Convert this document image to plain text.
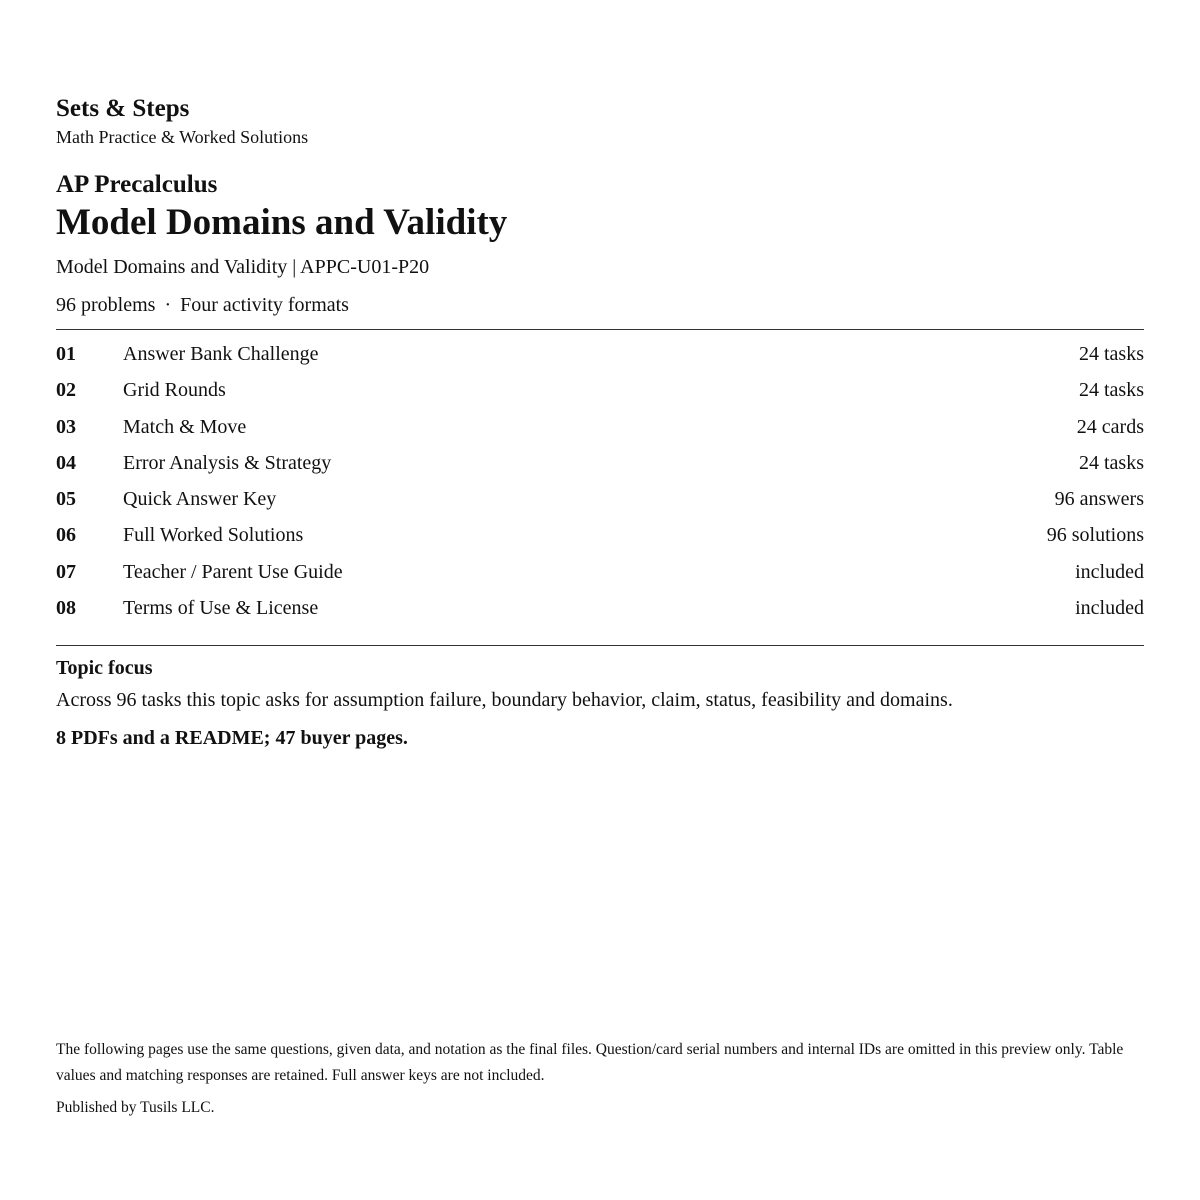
Sets & Steps
Math Practice & Worked Solutions
AP Precalculus
Model Domains and Validity
Model Domains and Validity | APPC-U01-P20
96 problems · Four activity formats
01 Answer Bank Challenge	24 tasks
02 Grid Rounds	24 tasks
03 Match & Move	24 cards
04 Error Analysis & Strategy	24 tasks
05 Quick Answer Key	96 answers
06 Full Worked Solutions	96 solutions
07 Teacher / Parent Use Guide	included
08 Terms of Use & License	included
Topic focus
Across 96 tasks this topic asks for assumption failure, boundary behavior, claim, status, feasibility and domains.
8 PDFs and a README; 47 buyer pages.

The following pages use the same questions, given data, and notation as the final files. Question/card serial numbers and internal IDs are omitted in this preview only. Table values and matching responses are retained. Full answer keys are not included.

Published by Tusils LLC.
